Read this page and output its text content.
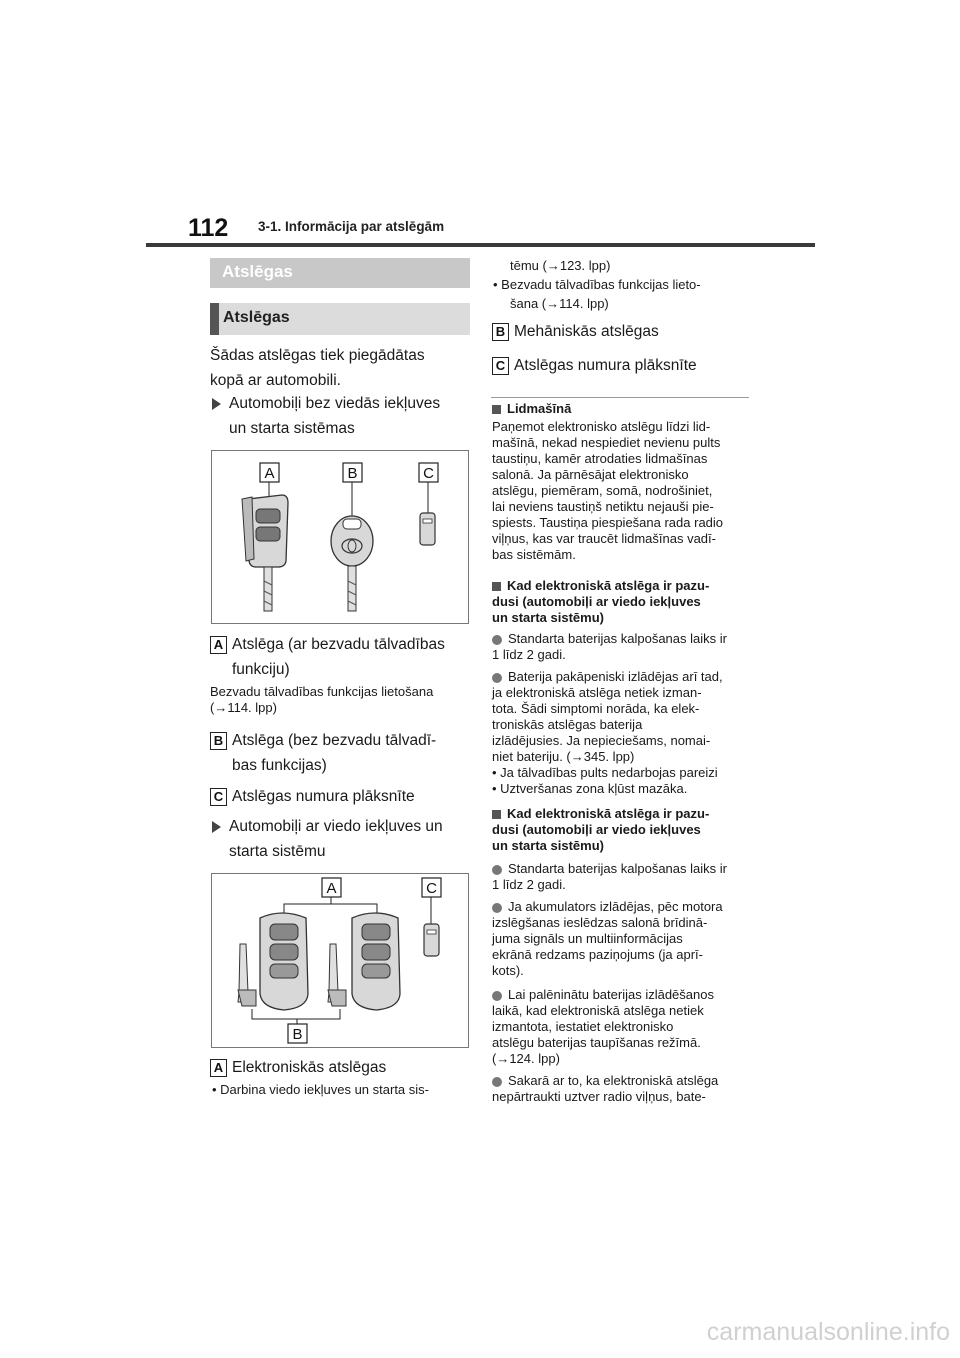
112 3-1. Informācija par atslēgām
Atslēgas
Atslēgas

Šādas atslēgas tiek piegādātas

kopā ar automobili.

Automobiļi bez viedās iekļuves

un starta sistēmas

A	B	C

A Atslēga (ar bezvadu tālvadības

funkciju)

Bezvadu tālvadības funkcijas lietošana

(→114. lpp)

B Atslēga (bez bezvadu tālvadī-

bas funkcijas)

C Atslēgas numura plāksnīte

Automobiļi ar viedo iekļuves un

starta sistēmu

A	C
B

A Elektroniskās atslēgas

• Darbina viedo iekļuves un starta sis-

tēmu (→123. lpp)

• Bezvadu tālvadības funkcijas lieto-

šana (→114. lpp)

B Mehāniskās atslēgas

C Atslēgas numura plāksnīte

Lidmašīnā

Paņemot elektronisko atslēgu līdzi lid-

mašīnā, nekad nespiediet nevienu pults

taustiņu, kamēr atrodaties lidmašīnas

salonā. Ja pārnēsājat elektronisko

atslēgu, piemēram, somā, nodrošiniet,

lai neviens taustiņš netiktu nejauši pie-

spiests. Taustiņa piespiešana rada radio

viļņus, kas var traucēt lidmašīnas vadī-

bas sistēmām.

Kad elektroniskā atslēga ir pazu-

dusi (automobiļi ar viedo iekļuves

un starta sistēmu)

Standarta baterijas kalpošanas laiks ir

1 līdz 2 gadi.

Baterija pakāpeniski izlādējas arī tad,

ja elektroniskā atslēga netiek izman-

tota. Šādi simptomi norāda, ka elek-

troniskās atslēgas baterija

izlādējusies. Ja nepieciešams, nomai-

niet bateriju. (→345. lpp)

• Ja tālvadības pults nedarbojas pareizi

• Uztveršanas zona kļūst mazāka.

Kad elektroniskā atslēga ir pazu-

dusi (automobiļi ar viedo iekļuves

un starta sistēmu)

Standarta baterijas kalpošanas laiks ir

1 līdz 2 gadi.

Ja akumulators izlādējas, pēc motora

izslēgšanas ieslēdzas salonā brīdinā-

juma signāls un multiinformācijas

ekrānā redzams paziņojums (ja aprī-

kots).

Lai palēninātu baterijas izlādēšanos

laikā, kad elektroniskā atslēga netiek

izmantota, iestatiet elektronisko

atslēgu baterijas taupīšanas režīmā.

(→124. lpp)

Sakarā ar to, ka elektroniskā atslēga

nepārtraukti uztver radio viļņus, bate-

carmanualsonline.info
